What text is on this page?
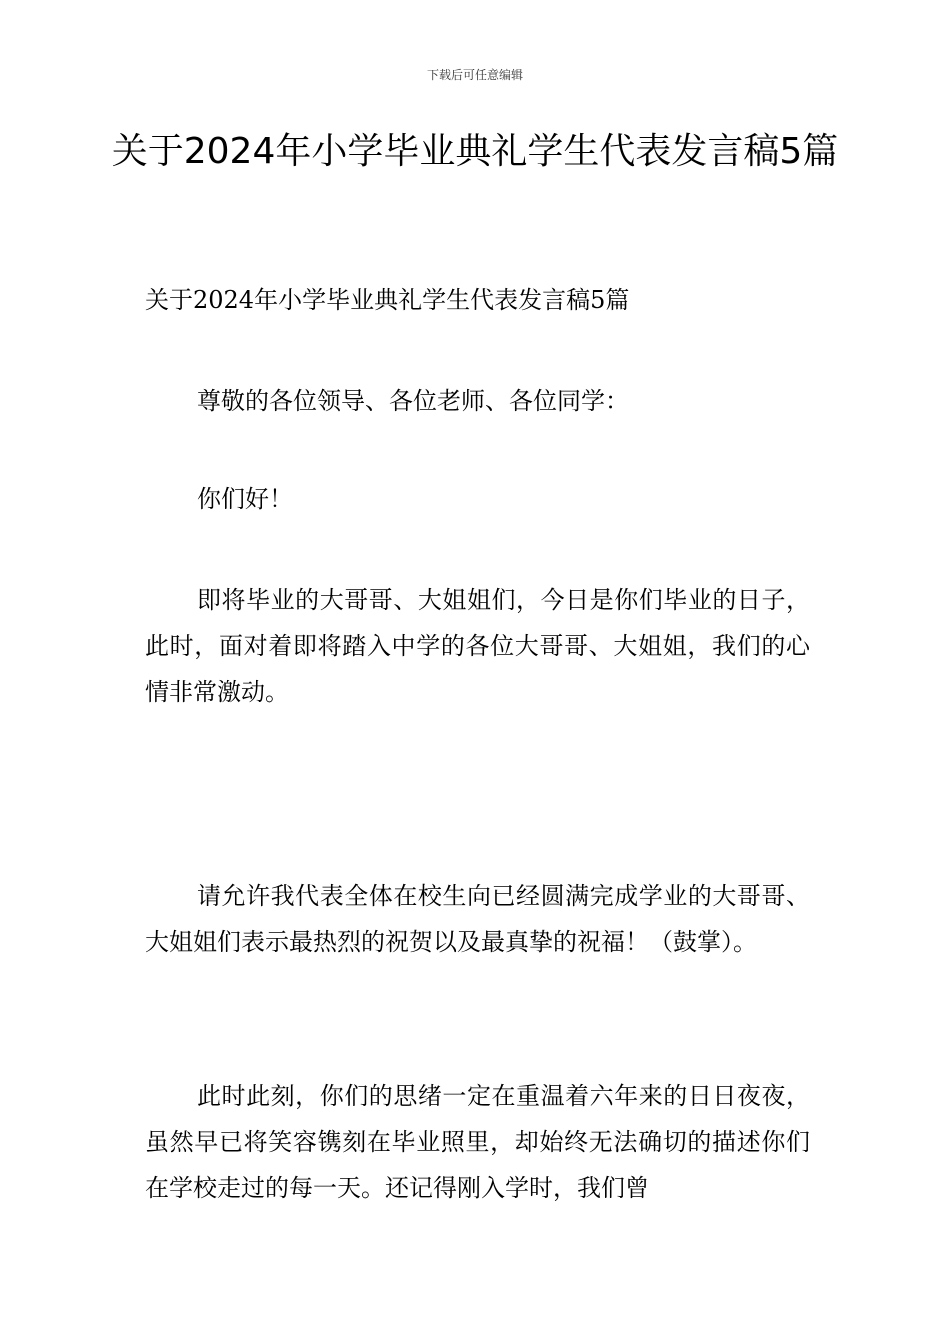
下载后可任意编辑
关于2024年小学毕业典礼学生代表发言稿5篇

关于2024年小学毕业典礼学生代表发言稿5篇

尊敬的各位领导、各位老师、各位同学：

你们好！

即将毕业的大哥哥、大姐姐们，今日是你们毕业的日子，此时，面对着即将踏入中学的各位大哥哥、大姐姐，我们的心情非常激动。

请允许我代表全体在校生向已经圆满完成学业的大哥哥、大姐姐们表示最热烈的祝贺以及最真挚的祝福！（鼓掌）。

此时此刻，你们的思绪一定在重温着六年来的日日夜夜，虽然早已将笑容镌刻在毕业照里，却始终无法确切的描述你们在学校走过的每一天。还记得刚入学时，我们曾
